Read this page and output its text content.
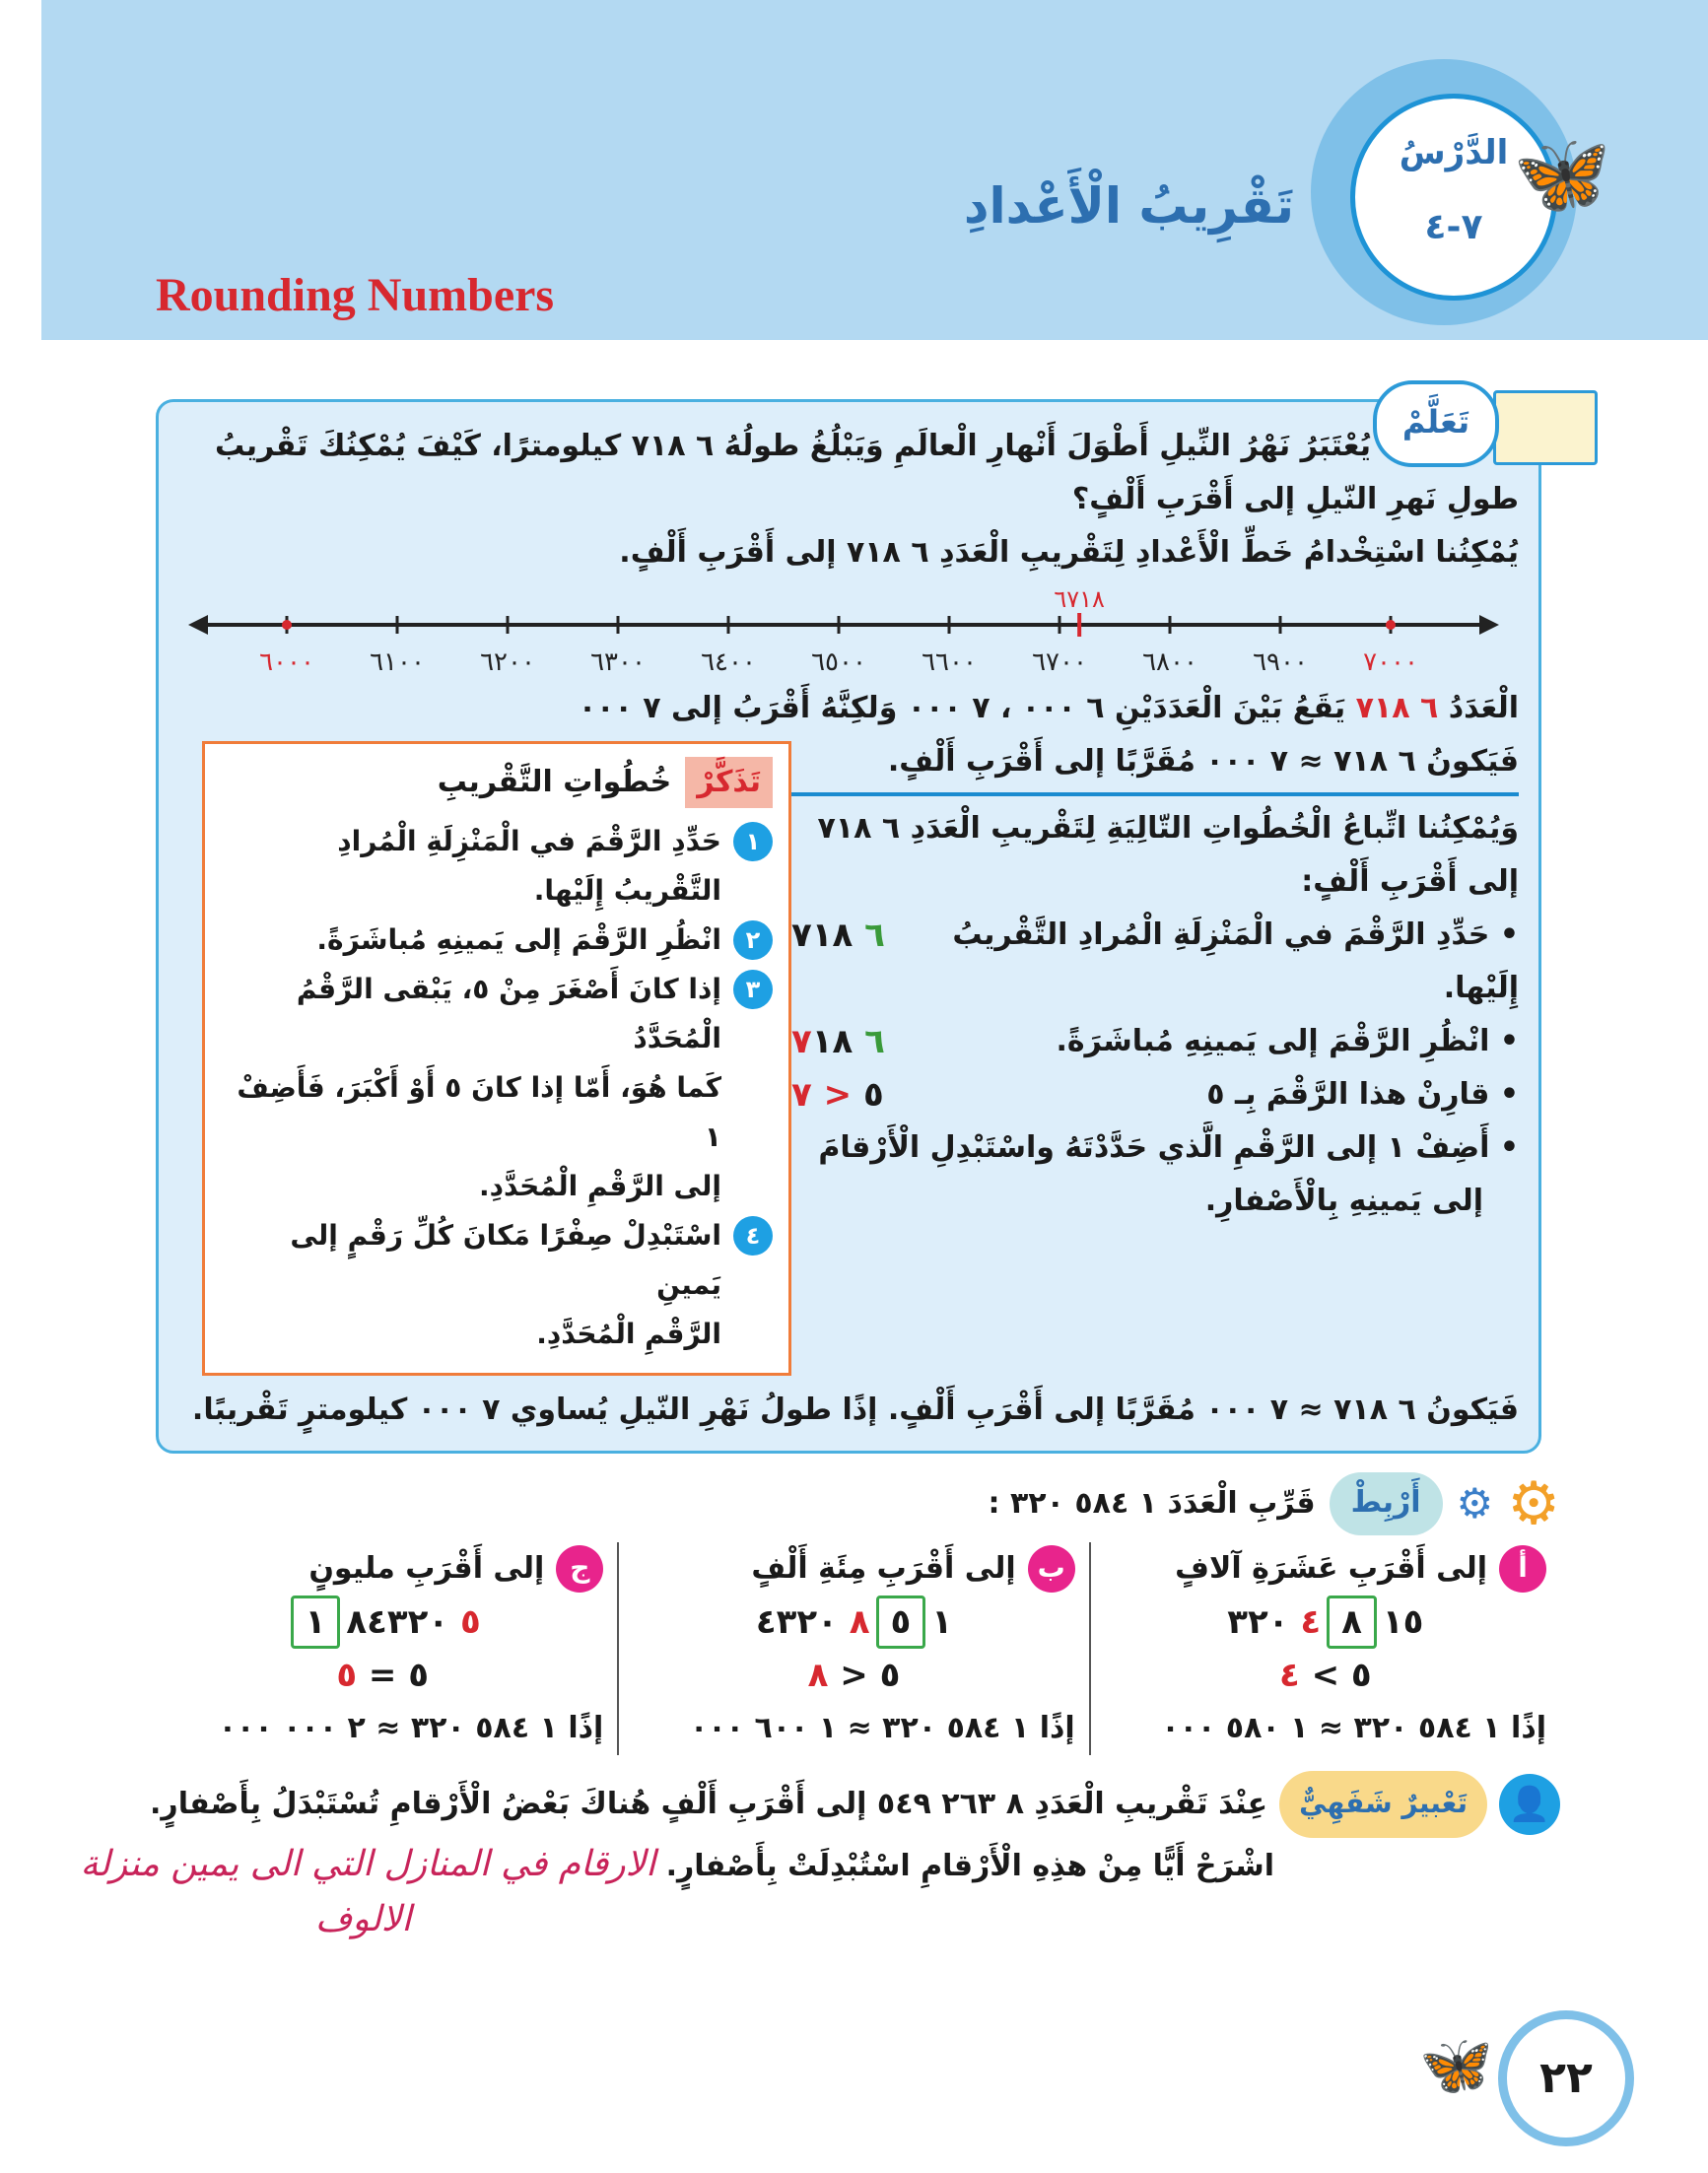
Rounding Numbers
تَقْرِيبُ الْأَعْدادِ
الدَّرْسُ
٧-٤
🦋
تَعَلَّمْ
يُعْتَبَرُ نَهْرُ النِّيلِ أَطْوَلَ أَنْهارِ الْعالَمِ وَيَبْلُغُ طولُهُ ⁦٦ ٧١٨⁩ كيلومترًا، كَيْفَ يُمْكِنُكَ تَقْريبُ
طولِ نَهرِ النّيلِ إلى أَقْرَبِ أَلْفٍ؟
يُمْكِنُنا اسْتِخْدامُ خَطِّ الْأَعْدادِ لِتَقْريبِ الْعَدَدِ ⁦٦ ٧١٨⁩ إلى أَقْرَبِ أَلْفٍ.
٦٠٠٠ ٦١٠٠ ٦٢٠٠ ٦٣٠٠ ٦٤٠٠ ٦٥٠٠ ٦٦٠٠ ٦٧٠٠ ٦٨٠٠ ٦٩٠٠ ٧٠٠٠
٦٧١٨
الْعَدَدُ ⁦٦ ٧١٨⁩ يَقَعُ بَيْنَ الْعَدَدَيْنِ ⁦٦ ٠٠٠⁩ ، ⁦٧ ٠٠٠⁩ وَلكِنَّهُ أَقْرَبُ إلى ⁦٧ ٠٠٠⁩
تَذَكَّرْ
خُطُواتِ التَّقْريبِ
١
حَدِّدِ الرَّقْمَ في الْمَنْزِلَةِ الْمُرادِ التَّقْريبُ إِلَيْها.
٢
انْظُرِ الرَّقْمَ إلى يَمينِهِ مُباشَرَةً.
٣
إذا كانَ أَصْغَرَ مِنْ ٥، يَبْقى الرَّقْمُ الْمُحَدَّدُ
كَما هُوَ، أَمّا إذا كانَ ٥ أَوْ أَكْبَرَ، فَأَضِفْ ١
إلى الرَّقْمِ الْمُحَدَّدِ.
٤
اسْتَبْدِلْ صِفْرًا مَكانَ كُلِّ رَقْمٍ إلى يَمينِ
الرَّقْمِ الْمُحَدَّدِ.
فَيَكونُ ⁦٦ ٧١٨ ≈ ٧ ٠٠٠⁩ مُقَرَّبًا إلى أَقْرَبِ أَلْفٍ.
وَيُمْكِنُنا اتِّباعُ الْخُطُواتِ التّالِيَةِ لِتَقْريبِ الْعَدَدِ ⁦٦ ٧١٨⁩
إلى أَقْرَبِ أَلْفٍ:
• حَدِّدِ الرَّقْمَ في الْمَنْزِلَةِ الْمُرادِ التَّقْريبُ إِلَيْها.
٦ ٧١٨
• انْظُرِ الرَّقْمَ إلى يَمينِهِ مُباشَرَةً.
٦ ٧١٨
• قارِنْ هذا الرَّقْمَ بِـ ٥
٥ < ٧
• أَضِفْ ١ إلى الرَّقْمِ الَّذي حَدَّدْتَهُ واسْتَبْدِلِ الْأَرْقامَ
إلى يَمينِهِ بِالْأَصْفارِ.
فَيَكونُ ⁦٦ ٧١٨ ≈ ٧ ٠٠٠⁩ مُقَرَّبًا إلى أَقْرَبِ أَلْفٍ. إذًا طولُ نَهْرِ النّيلِ يُساوي ⁦٧ ٠٠٠⁩ كيلومترٍ تَقْريبًا.
⚙
⚙
أَرْبِطْ
قَرِّبِ الْعَدَدَ ⁦١ ٥٨٤ ٣٢٠⁩ :
أ
إلى أَقْرَبِ عَشَرَةِ آلافٍ
١٥٨٤ ٣٢٠
٥ > ٤
إذًا ⁦١ ٥٨٤ ٣٢٠ ≈ ١ ٥٨٠ ٠٠٠⁩
ب
إلى أَقْرَبِ مِئَةِ أَلْفٍ
١٥٨ ٤٣٢٠
٥ < ٨
إذًا ⁦١ ٥٨٤ ٣٢٠ ≈ ١ ٦٠٠ ٠٠٠⁩
ج
إلى أَقْرَبِ مليونٍ
١	٥ ٨٤٣٢٠
٥ = ٥
إذًا ⁦١ ٥٨٤ ٣٢٠ ≈ ٢ ٠٠٠ ٠٠٠⁩
👤
تَعْبيرٌ شَفَهِيٌّ
عِنْدَ تَقْريبِ الْعَدَدِ ⁦٨ ٢٦٣ ٥٤٩⁩ إلى أَقْرَبِ أَلْفٍ هُناكَ بَعْضُ الْأَرْقامِ تُسْتَبْدَلُ بِأَصْفارٍ.
اشْرَحْ أَيًّا مِنْ هذِهِ الْأَرْقامِ اسْتُبْدِلَتْ بِأَصْفارٍ. الارقام في المنازل التي الى يمين منزلة
الالوف
🦋	٢٢
